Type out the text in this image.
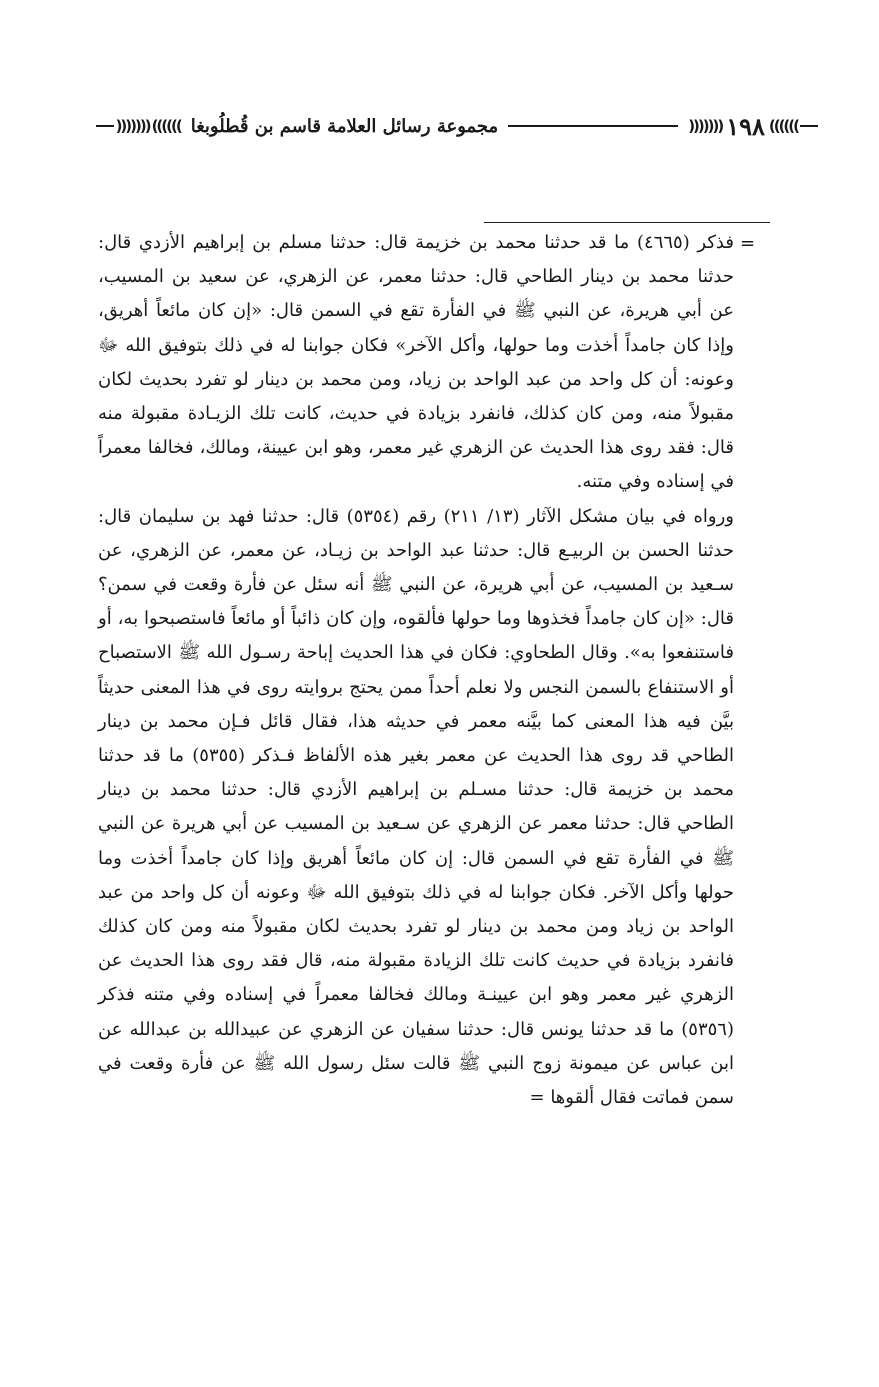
))))))
١٩٨
(((((((
مجموعة رسائل العلامة قاسم بن قُطلُوبغا
))))))
(((((((
=

فذكر (٤٦٦٥) ما قد حدثنا محمد بن خزيمة قال: حدثنا مسلم بن إبراهيم الأزدي قال: حدثنا محمد بن دينار الطاحي قال: حدثنا معمر، عن الزهري، عن سعيد بن المسيب، عن أبي هريرة، عن النبي ﷺ في الفأرة تقع في السمن قال: «إن كان مائعاً أهريق، وإذا كان جامداً أخذت وما حولها، وأكل الآخر» فكان جوابنا له في ذلك بتوفيق الله ﷻ وعونه: أن كل واحد من عبد الواحد بن زياد، ومن محمد بن دينار لو تفرد بحديث لكان مقبولاً منه، ومن كان كذلك، فانفرد بزيادة في حديث، كانت تلك الزيـادة مقبولة منه قال: فقد روى هذا الحديث عن الزهري غير معمر، وهو ابن عيينة، ومالك، فخالفا معمراً في إسناده وفي متنه.

ورواه في بيان مشكل الآثار (١٣/ ٢١١) رقم (٥٣٥٤) قال: حدثنا فهد بن سليمان قال: حدثنا الحسن بن الربيـع قال: حدثنا عبد الواحد بن زيـاد، عن معمر، عن الزهري، عن سـعيد بن المسيب، عن أبي هريرة، عن النبي ﷺ أنه سئل عن فأرة وقعت في سمن؟ قال: «إن كان جامداً فخذوها وما حولها فألقوه، وإن كان ذائباً أو مائعاً فاستصبحوا به، أو فاستنفعوا به». وقال الطحاوي: فكان في هذا الحديث إباحة رسـول الله ﷺ الاستصباح أو الاستنفاع بالسمن النجس ولا نعلم أحداً ممن يحتج بروايته روى في هذا المعنى حديثاً بيَّن فيه هذا المعنى كما بيَّنه معمر في حديثه هذا، فقال قائل فـإن محمد بن دينار الطاحي قد روى هذا الحديث عن معمر بغير هذه الألفاظ فـذكر (٥٣٥٥) ما قد حدثنا محمد بن خزيمة قال: حدثنا مسـلم بن إبراهيم الأزدي قال: حدثنا محمد بن دينار الطاحي قال: حدثنا معمر عن الزهري عن سـعيد بن المسيب عن أبي هريرة عن النبي ﷺ في الفأرة تقع في السمن قال: إن كان مائعاً أهريق وإذا كان جامداً أخذت وما حولها وأكل الآخر. فكان جوابنا له في ذلك بتوفيق الله ﷻ وعونه أن كل واحد من عبد الواحد بن زياد ومن محمد بن دينار لو تفرد بحديث لكان مقبولاً منه ومن كان كذلك فانفرد بزيادة في حديث كانت تلك الزيادة مقبولة منه، قال فقد روى هذا الحديث عن الزهري غير معمر وهو ابن عيينـة ومالك فخالفا معمراً في إسناده وفي متنه فذكر (٥٣٥٦) ما قد حدثنا يونس قال: حدثنا سفيان عن الزهري عن عبيدالله بن عبدالله عن ابن عباس عن ميمونة زوج النبي ﷺ قالت سئل رسول الله ﷺ عن فأرة وقعت في سمن فماتت فقال ألقوها =
